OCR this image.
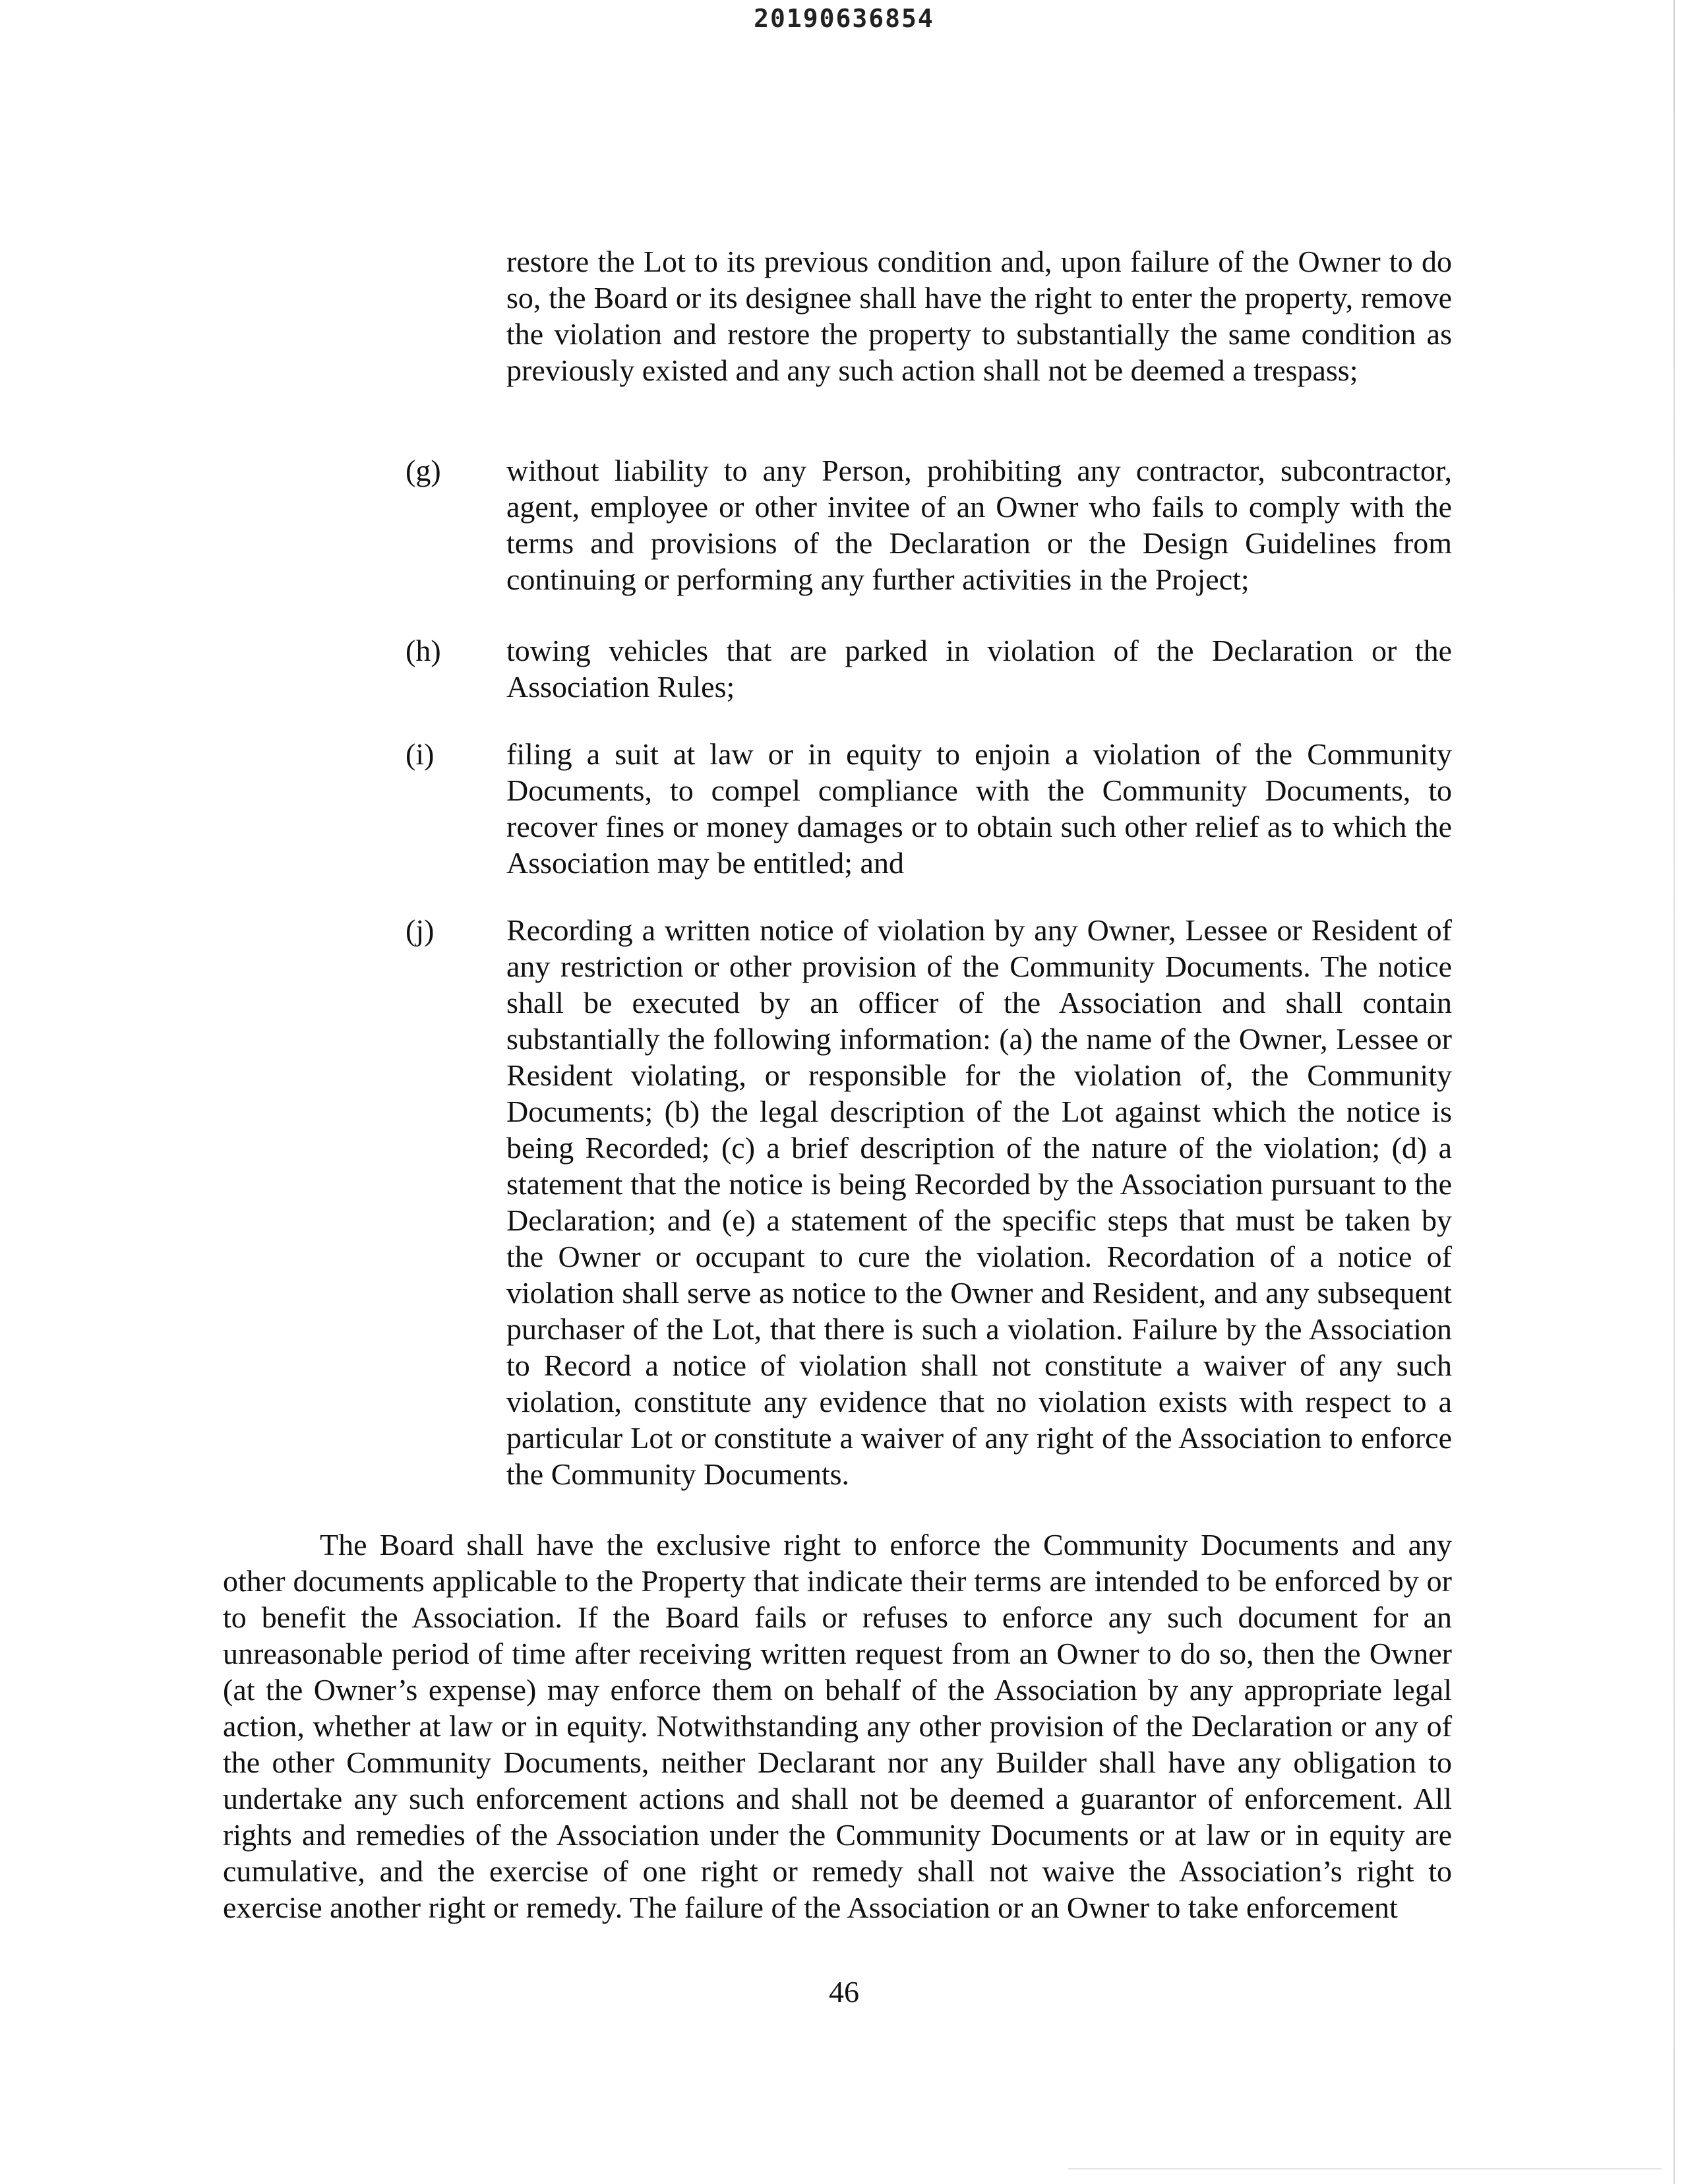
20190636854

restore the Lot to its previous condition and, upon failure of the Owner to do so, the Board or its designee shall have the right to enter the property, remove the violation and restore the property to substantially the same condition as previously existed and any such action shall not be deemed a trespass;

(g)	without liability to any Person, prohibiting any contractor, subcontractor, agent, employee or other invitee of an Owner who fails to comply with the terms and provisions of the Declaration or the Design Guidelines from continuing or performing any further activities in the Project;

(h)	towing vehicles that are parked in violation of the Declaration or the Association Rules;

(i)	filing a suit at law or in equity to enjoin a violation of the Community Documents, to compel compliance with the Community Documents, to recover fines or money damages or to obtain such other relief as to which the Association may be entitled; and

(j)	Recording a written notice of violation by any Owner, Lessee or Resident of any restriction or other provision of the Community Documents. The notice shall be executed by an officer of the Association and shall contain substantially the following information: (a) the name of the Owner, Lessee or Resident violating, or responsible for the violation of, the Community Documents; (b) the legal description of the Lot against which the notice is being Recorded; (c) a brief description of the nature of the violation; (d) a statement that the notice is being Recorded by the Association pursuant to the Declaration; and (e) a statement of the specific steps that must be taken by the Owner or occupant to cure the violation. Recordation of a notice of violation shall serve as notice to the Owner and Resident, and any subsequent purchaser of the Lot, that there is such a violation. Failure by the Association to Record a notice of violation shall not constitute a waiver of any such violation, constitute any evidence that no violation exists with respect to a particular Lot or constitute a waiver of any right of the Association to enforce the Community Documents.

The Board shall have the exclusive right to enforce the Community Documents and any other documents applicable to the Property that indicate their terms are intended to be enforced by or to benefit the Association. If the Board fails or refuses to enforce any such document for an unreasonable period of time after receiving written request from an Owner to do so, then the Owner (at the Owner’s expense) may enforce them on behalf of the Association by any appropriate legal action, whether at law or in equity. Notwithstanding any other provision of the Declaration or any of the other Community Documents, neither Declarant nor any Builder shall have any obligation to undertake any such enforcement actions and shall not be deemed a guarantor of enforcement. All rights and remedies of the Association under the Community Documents or at law or in equity are cumulative, and the exercise of one right or remedy shall not waive the Association’s right to exercise another right or remedy. The failure of the Association or an Owner to take enforcement

46
